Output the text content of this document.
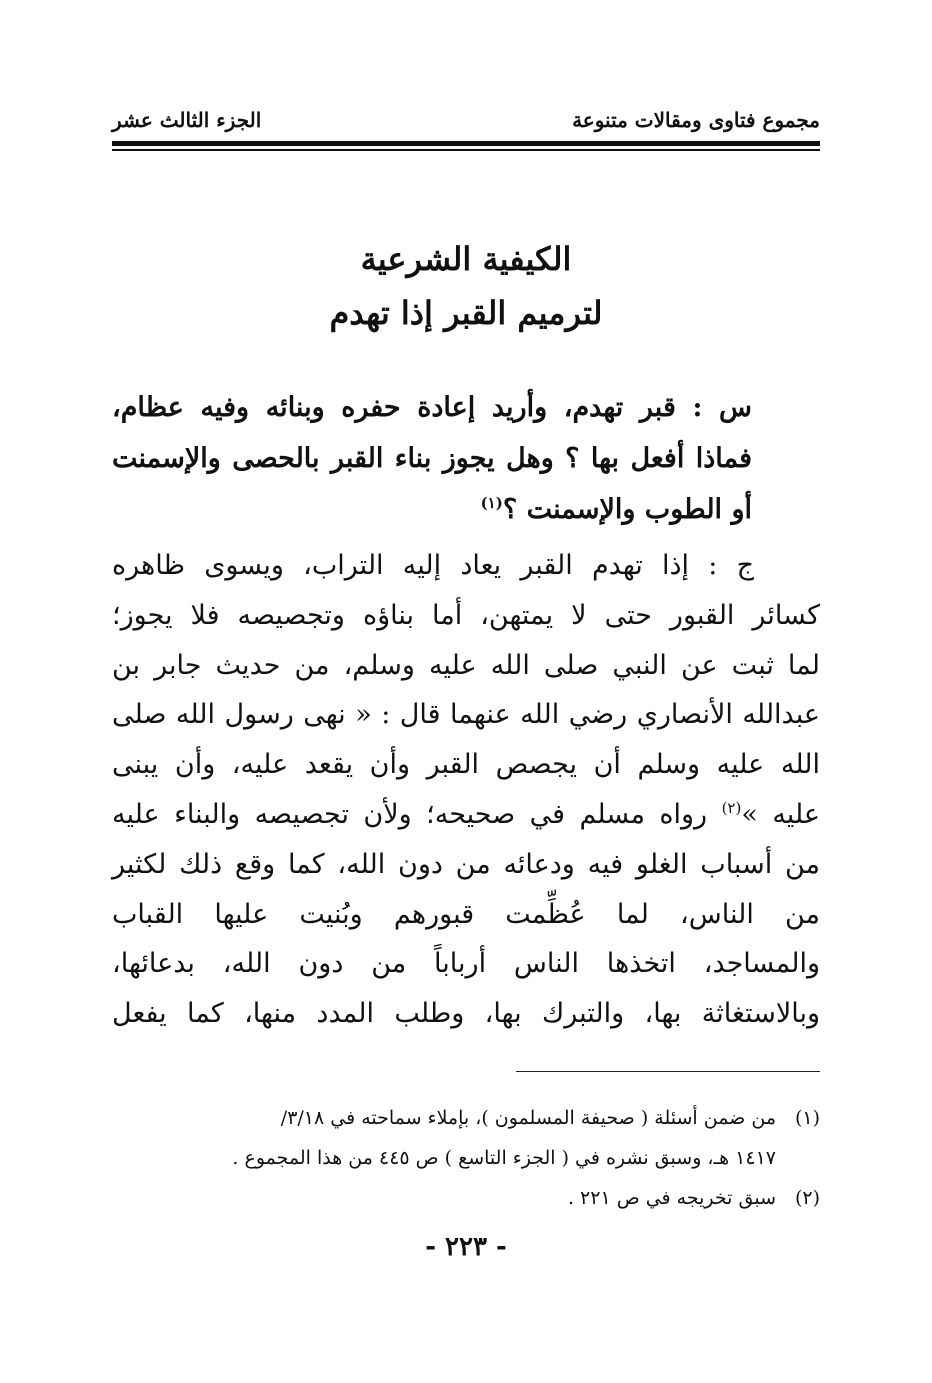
مجموع فتاوى ومقالات متنوعة
الجزء الثالث عشر
الكيفية الشرعية
لترميم القبر إذا تهدم
س : قبر تهدم، وأريد إعادة حفره وبنائه وفيه عظام، فماذا أفعل بها ؟ وهل يجوز بناء القبر بالحصى والإسمنت أو الطوب والإسمنت ؟$^{(١)}$
ج : إذا تهدم القبر يعاد إليه التراب، ويسوى ظاهره
كسائر القبور حتى لا يمتهن، أما بناؤه وتجصيصه فلا يجوز؛
لما ثبت عن النبي صلى الله عليه وسلم، من حديث جابر بن
عبدالله الأنصاري رضي الله عنهما قال : « نهى رسول الله صلى
الله عليه وسلم أن يجصص القبر وأن يقعد عليه، وأن يبنى
عليه »$^{(٢)}$ رواه مسلم في صحيحه؛ ولأن تجصيصه والبناء عليه
من أسباب الغلو فيه ودعائه من دون الله، كما وقع ذلك لكثير
من الناس، لما عُظِّمت قبورهم وبُنيت عليها القباب
والمساجد، اتخذها الناس أرباباً من دون الله، بدعائها،
وبالاستغاثة بها، والتبرك بها، وطلب المدد منها، كما يفعل
(١)
من ضمن أسئلة ( صحيفة المسلمون )، بإملاء سماحته في ٣/١٨/
١٤١٧ هـ، وسبق نشره في ( الجزء التاسع ) ص ٤٤٥ من هذا المجموع .
(٢)
سبق تخريجه في ص ٢٢١ .
- ٢٢٣ -
